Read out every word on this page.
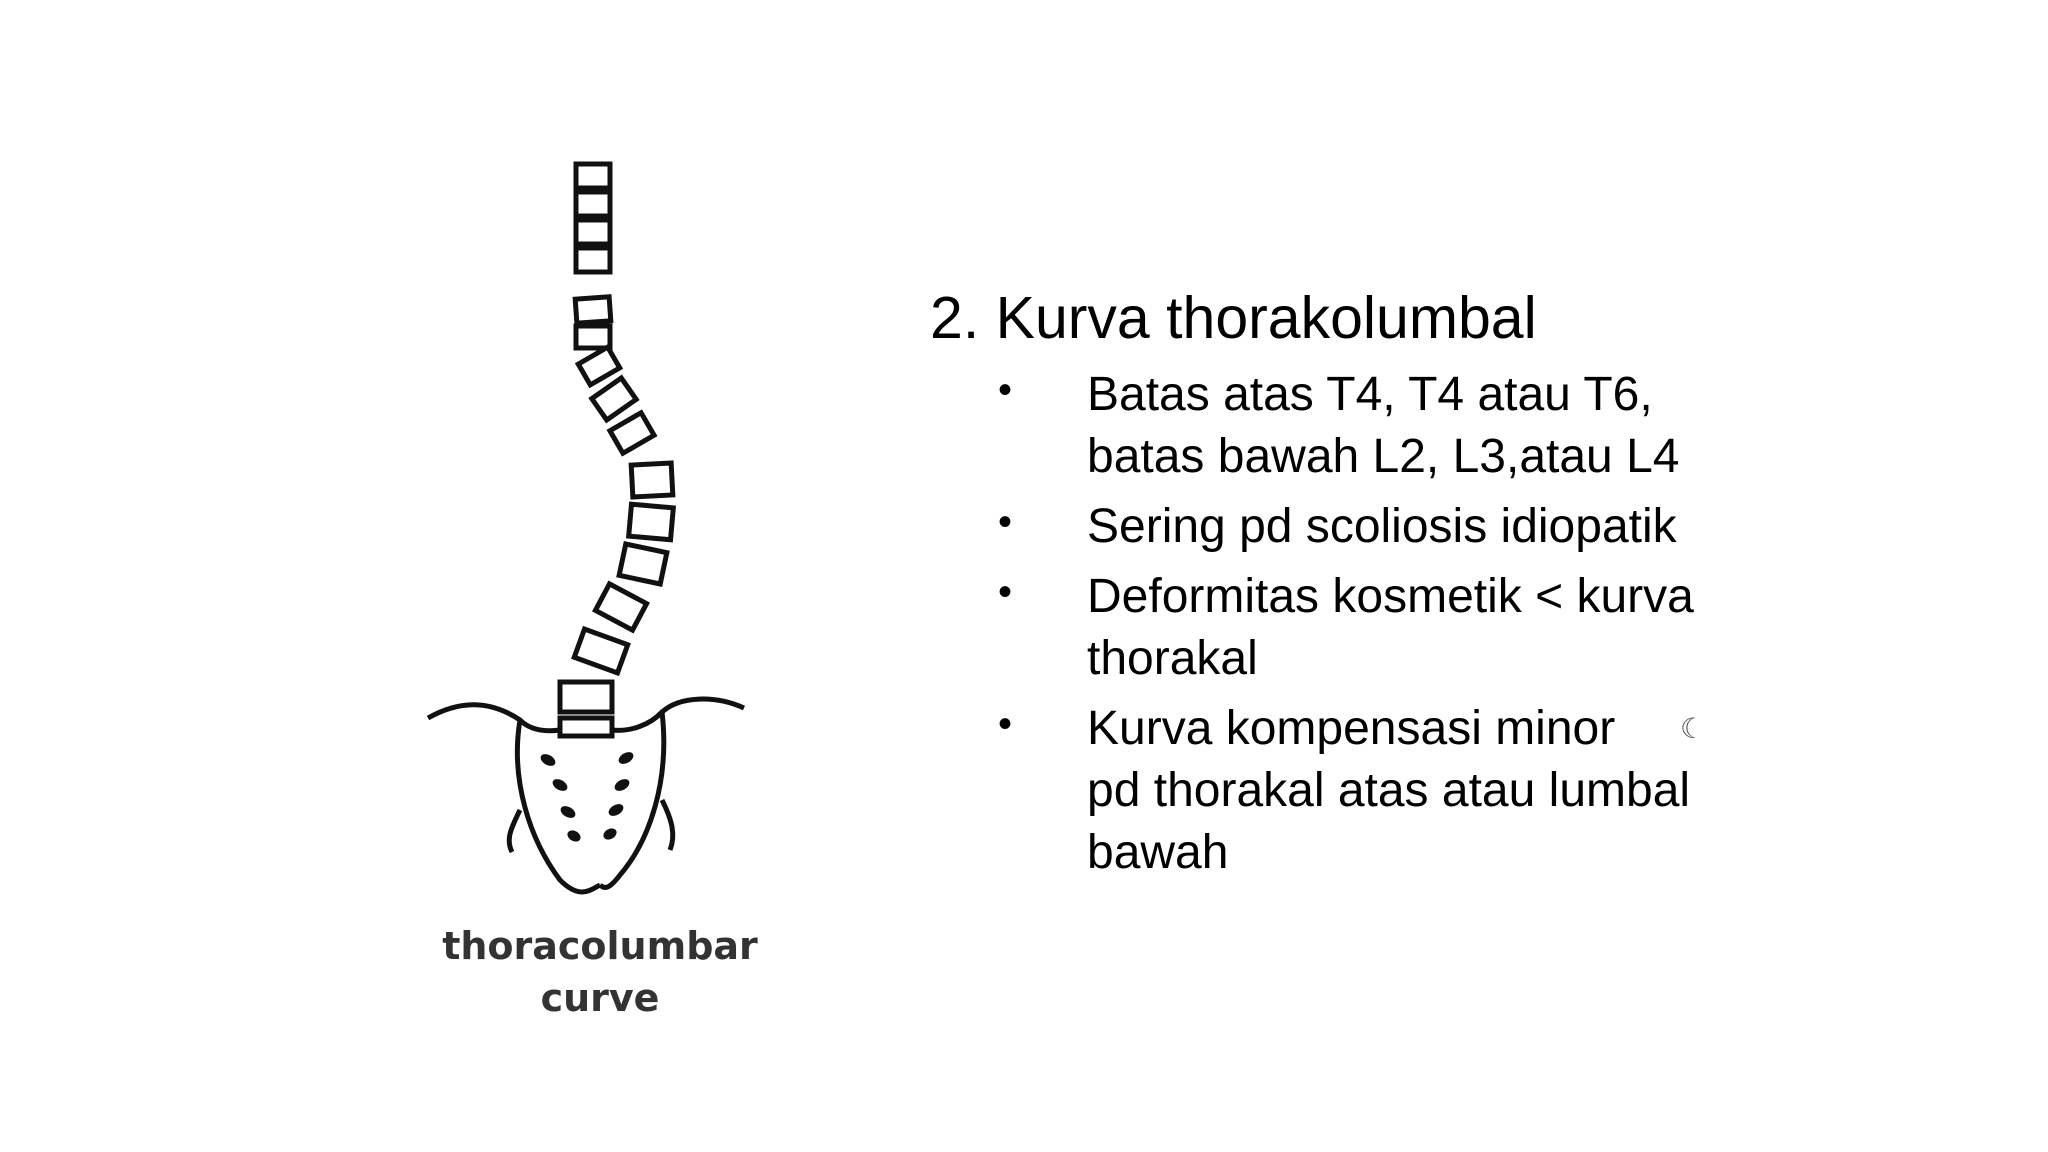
thoracolumbar
curve
2. Kurva thorakolumbal
• Batas atas T4, T4 atau T6,
batas bawah L2, L3,atau L4
• Sering pd scoliosis idiopatik
• Deformitas kosmetik < kurva
thorakal
• Kurva kompensasi minor
pd thorakal atas atau lumbal
bawah
☾
